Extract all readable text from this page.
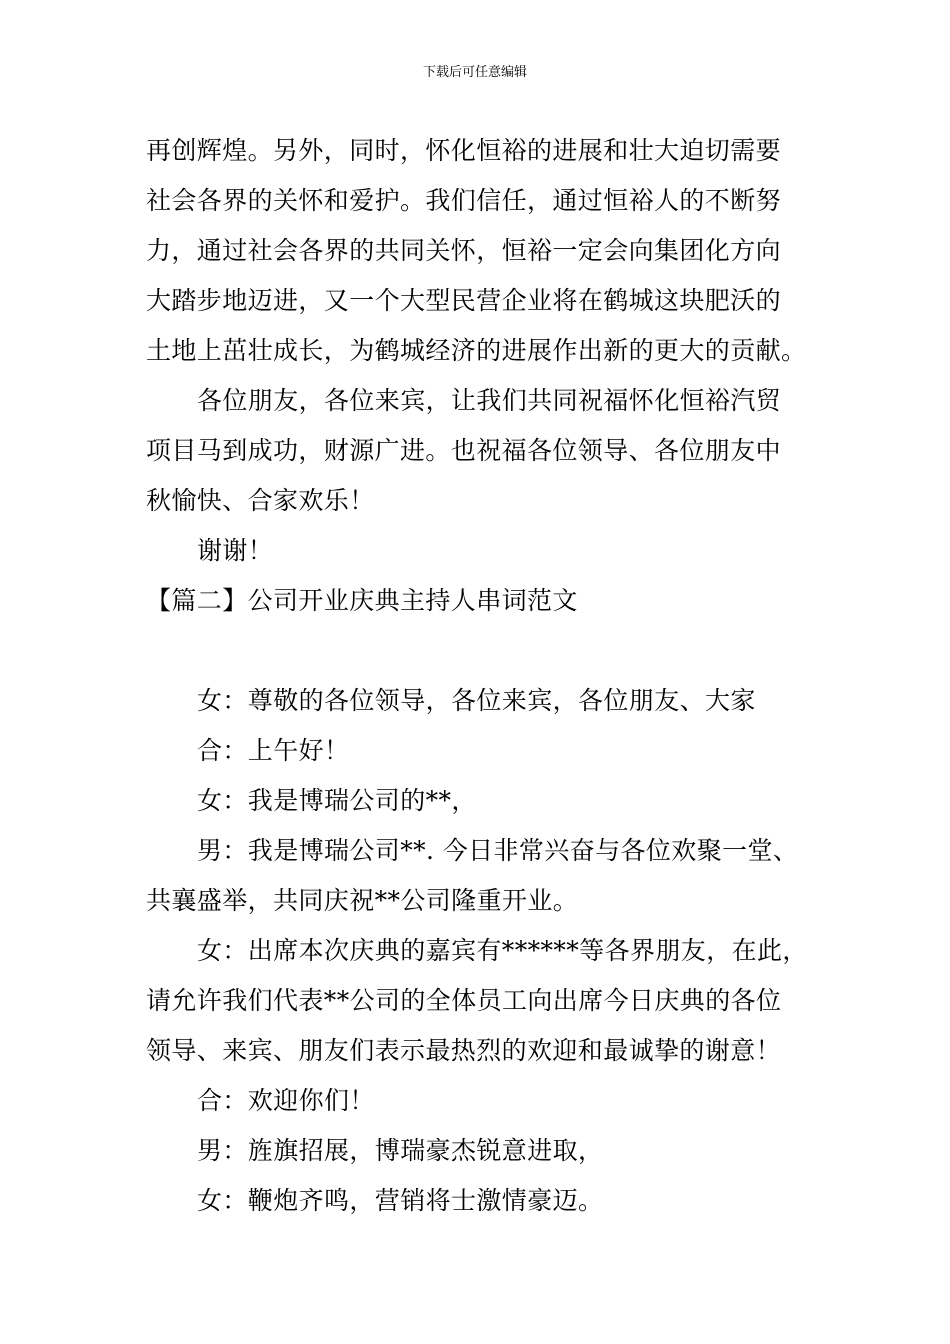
下载后可任意编辑
再创辉煌。另外，同时，怀化恒裕的进展和壮大迫切需要
社会各界的关怀和爱护。我们信任，通过恒裕人的不断努
力，通过社会各界的共同关怀，恒裕一定会向集团化方向
大踏步地迈进，又一个大型民营企业将在鹤城这块肥沃的
土地上茁壮成长，为鹤城经济的进展作出新的更大的贡献。
各位朋友，各位来宾，让我们共同祝福怀化恒裕汽贸
项目马到成功，财源广进。也祝福各位领导、各位朋友中
秋愉快、合家欢乐！
谢谢！
【篇二】公司开业庆典主持人串词范文
女：尊敬的各位领导，各位来宾，各位朋友、大家
合：上午好！
女：我是博瑞公司的**，
男：我是博瑞公司**. 今日非常兴奋与各位欢聚一堂、
共襄盛举，共同庆祝**公司隆重开业。
女：出席本次庆典的嘉宾有******等各界朋友，在此，
请允许我们代表**公司的全体员工向出席今日庆典的各位
领导、来宾、朋友们表示最热烈的欢迎和最诚挚的谢意！
合：欢迎你们！
男：旌旗招展，博瑞豪杰锐意进取，
女：鞭炮齐鸣，营销将士激情豪迈。
